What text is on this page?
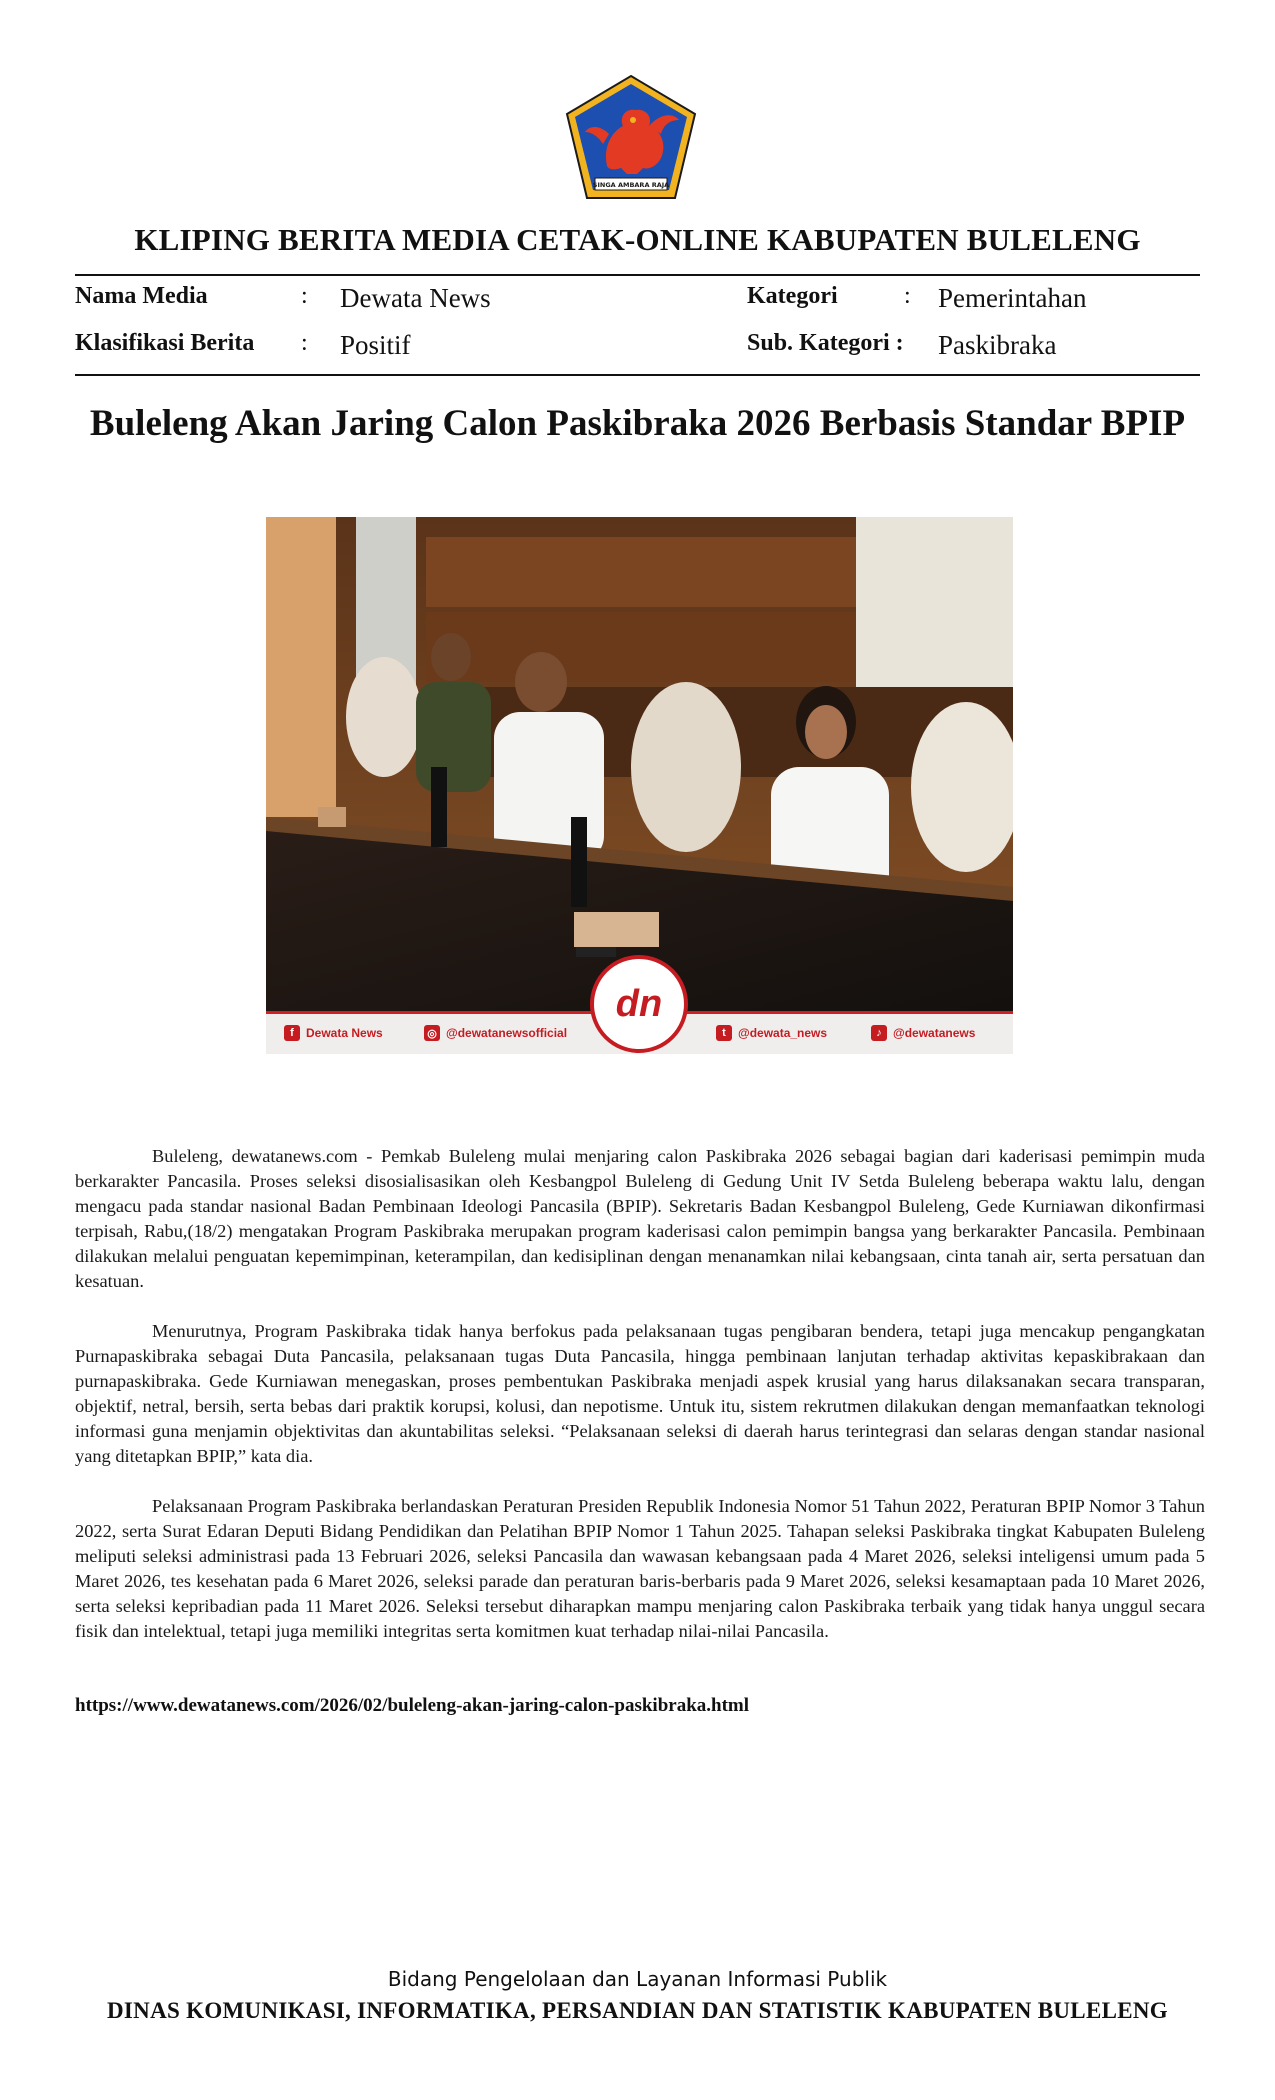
SINGA AMBARA RAJA
KLIPING BERITA MEDIA CETAK-ONLINE KABUPATEN BULELENG
Nama Media	: Dewata News
Klasifikasi Berita : Positif
Kategori	: Pemerintahan
Sub. Kategori : Paskibraka
Buleleng Akan Jaring Calon Paskibraka 2026 Berbasis Standar BPIP
f	Dewata News	◎ @dewatanewsofficial	t	@dewata_news	♪ @dewatanews
dn

Buleleng, dewatanews.com - Pemkab Buleleng mulai menjaring calon Paskibraka 2026 sebagai bagian dari kaderisasi pemimpin muda berkarakter Pancasila. Proses seleksi disosialisasikan oleh Kesbangpol Buleleng di Gedung Unit IV Setda Buleleng beberapa waktu lalu, dengan mengacu pada standar nasional Badan Pembinaan Ideologi Pancasila (BPIP). Sekretaris Badan Kesbangpol Buleleng, Gede Kurniawan dikonfirmasi terpisah, Rabu,(18/2) mengatakan Program Paskibraka merupakan program kaderisasi calon pemimpin bangsa yang berkarakter Pancasila. Pembinaan dilakukan melalui penguatan kepemimpinan, keterampilan, dan kedisiplinan dengan menanamkan nilai kebangsaan, cinta tanah air, serta persatuan dan kesatuan.

Menurutnya, Program Paskibraka tidak hanya berfokus pada pelaksanaan tugas pengibaran bendera, tetapi juga mencakup pengangkatan Purnapaskibraka sebagai Duta Pancasila, pelaksanaan tugas Duta Pancasila, hingga pembinaan lanjutan terhadap aktivitas kepaskibrakaan dan purnapaskibraka. Gede Kurniawan menegaskan, proses pembentukan Paskibraka menjadi aspek krusial yang harus dilaksanakan secara transparan, objektif, netral, bersih, serta bebas dari praktik korupsi, kolusi, dan nepotisme. Untuk itu, sistem rekrutmen dilakukan dengan memanfaatkan teknologi informasi guna menjamin objektivitas dan akuntabilitas seleksi. “Pelaksanaan seleksi di daerah harus terintegrasi dan selaras dengan standar nasional yang ditetapkan BPIP,” kata dia.

Pelaksanaan Program Paskibraka berlandaskan Peraturan Presiden Republik Indonesia Nomor 51 Tahun 2022, Peraturan BPIP Nomor 3 Tahun 2022, serta Surat Edaran Deputi Bidang Pendidikan dan Pelatihan BPIP Nomor 1 Tahun 2025. Tahapan seleksi Paskibraka tingkat Kabupaten Buleleng meliputi seleksi administrasi pada 13 Februari 2026, seleksi Pancasila dan wawasan kebangsaan pada 4 Maret 2026, seleksi inteligensi umum pada 5 Maret 2026, tes kesehatan pada 6 Maret 2026, seleksi parade dan peraturan baris-berbaris pada 9 Maret 2026, seleksi kesamaptaan pada 10 Maret 2026, serta seleksi kepribadian pada 11 Maret 2026. Seleksi tersebut diharapkan mampu menjaring calon Paskibraka terbaik yang tidak hanya unggul secara fisik dan intelektual, tetapi juga memiliki integritas serta komitmen kuat terhadap nilai-nilai Pancasila.

https://www.dewatanews.com/2026/02/buleleng-akan-jaring-calon-paskibraka.html
Bidang Pengelolaan dan Layanan Informasi Publik
DINAS KOMUNIKASI, INFORMATIKA, PERSANDIAN DAN STATISTIK KABUPATEN BULELENG
